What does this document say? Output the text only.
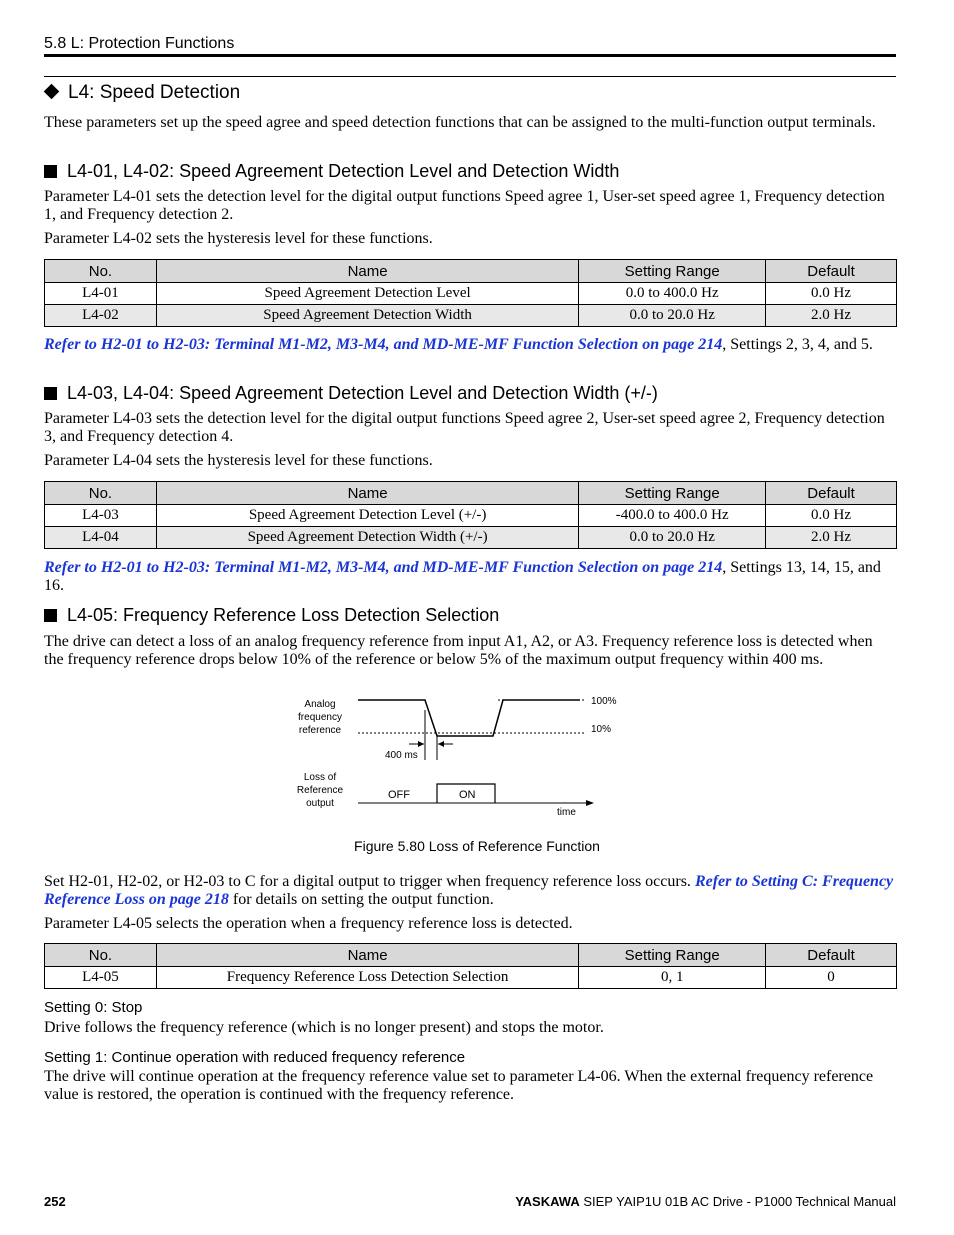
5.8 L: Protection Functions
L4: Speed Detection
These parameters set up the speed agree and speed detection functions that can be assigned to the multi-function output terminals.
L4-01, L4-02: Speed Agreement Detection Level and Detection Width
Parameter L4-01 sets the detection level for the digital output functions Speed agree 1, User-set speed agree 1, Frequency detection 1, and Frequency detection 2.
Parameter L4-02 sets the hysteresis level for these functions.
No.	Name	Setting Range	Default
L4-01	Speed Agreement Detection Level	0.0 to 400.0 Hz	0.0 Hz
L4-02	Speed Agreement Detection Width	0.0 to 20.0 Hz	2.0 Hz
Refer to H2-01 to H2-03: Terminal M1-M2, M3-M4, and MD-ME-MF Function Selection on page 214, Settings 2, 3, 4, and 5.
L4-03, L4-04: Speed Agreement Detection Level and Detection Width (+/-)
Parameter L4-03 sets the detection level for the digital output functions Speed agree 2, User-set speed agree 2, Frequency detection 3, and Frequency detection 4.
Parameter L4-04 sets the hysteresis level for these functions.
No.	Name	Setting Range	Default
L4-03	Speed Agreement Detection Level (+/-)	-400.0 to 400.0 Hz	0.0 Hz
L4-04	Speed Agreement Detection Width (+/-)	0.0 to 20.0 Hz	2.0 Hz
Refer to H2-01 to H2-03: Terminal M1-M2, M3-M4, and MD-ME-MF Function Selection on page 214, Settings 13, 14, 15, and 16.
L4-05: Frequency Reference Loss Detection Selection
The drive can detect a loss of an analog frequency reference from input A1, A2, or A3. Frequency reference loss is detected when the frequency reference drops below 10% of the reference or below 5% of the maximum output frequency within 400 ms.
Analog
frequency
reference
100%
10%
400 ms
Loss of
Reference
output
OFF	ON
time
Figure 5.80 Loss of Reference Function
Set H2-01, H2-02, or H2-03 to C for a digital output to trigger when frequency reference loss occurs. Refer to Setting C: Frequency Reference Loss on page 218 for details on setting the output function.
Parameter L4-05 selects the operation when a frequency reference loss is detected.
No.	Name	Setting Range	Default
L4-05	Frequency Reference Loss Detection Selection	0, 1	0
Setting 0: Stop
Drive follows the frequency reference (which is no longer present) and stops the motor.
Setting 1: Continue operation with reduced frequency reference
The drive will continue operation at the frequency reference value set to parameter L4-06. When the external frequency reference value is restored, the operation is continued with the frequency reference.
252	YASKAWA SIEP YAIP1U 01B AC Drive - P1000 Technical Manual
